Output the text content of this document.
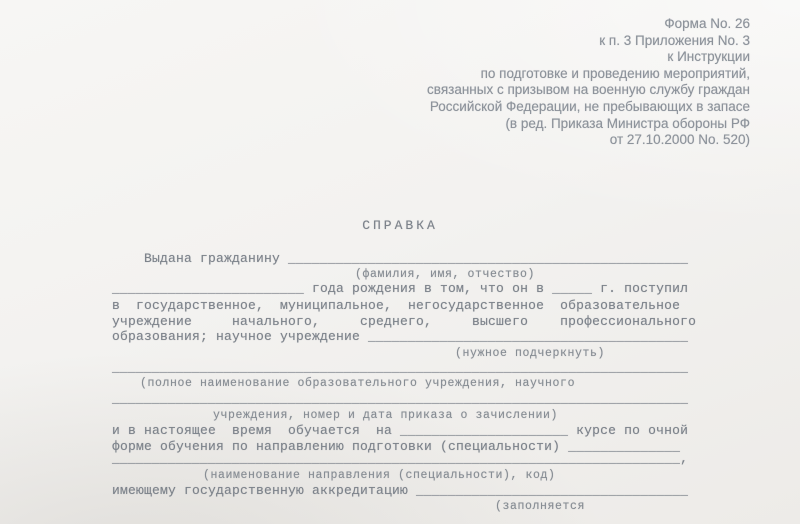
Форма No. 26
к п. 3 Приложения No. 3
к Инструкции
по подготовке и проведению мероприятий,
связанных с призывом на военную службу граждан
Российской Федерации, не пребывающих в запасе
(в ред. Приказа Министра обороны РФ
от 27.10.2000 No. 520)
СПРАВКА
Выдана гражданину __________________________________________________
(фамилия, имя, отчество)
________________________ года рождения в том, что он в _____ г. поступил
в  государственное,  муниципальное,  негосударственное  образовательное
учреждение     начального,     среднего,     высшего    профессионального
образования; научное учреждение ________________________________________
(нужное подчеркнуть)
________________________________________________________________________
(полное наименование образовательного учреждения, научного
________________________________________________________________________
учреждения, номер и дата приказа о зачислении)
и в настоящее  время  обучается  на _____________________ курсе по очной
форме обучения по направлению подготовки (специальности) ______________
_______________________________________________________________________,
(наименование направления (специальности), код)
имеющему государственную аккредитацию __________________________________
(заполняется
